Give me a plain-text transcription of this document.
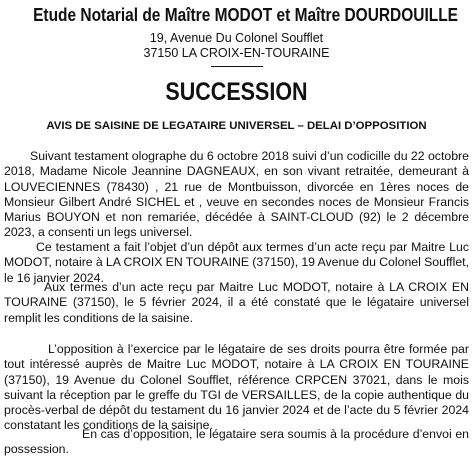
Etude Notarial de Maître MODOT et Maître DOURDOUILLE
19, Avenue Du Colonel Soufflet
37150 LA CROIX-EN-TOURAINE
SUCCESSION
AVIS DE SAISINE DE LEGATAIRE UNIVERSEL – DELAI D’OPPOSITION
Suivant testament olographe du 6 octobre 2018 suivi d’un codicille du 22 octobre 2018, Madame Nicole Jeannine DAGNEAUX, en son vivant retraitée, demeurant à LOUVECIENNES (78430) , 21 rue de Montbuisson, divorcée en 1ères noces de Monsieur Gilbert André SICHEL et , veuve en secondes noces de Monsieur Francis Marius BOUYON et non remariée, décédée à SAINT-CLOUD (92) le 2 décembre 2023, a consenti un legs universel.
Ce testament a fait l’objet d’un dépôt aux termes d’un acte reçu par Maitre Luc MODOT, notaire à LA CROIX EN TOURAINE (37150), 19 Avenue du Colonel Soufflet, le 16 janvier 2024.
Aux termes d’un acte reçu par Maitre Luc MODOT, notaire à LA CROIX EN TOURAINE (37150), le 5 février 2024, il a été constaté que le légataire universel remplit les conditions de la saisine.
L’opposition à l’exercice par le légataire de ses droits pourra être formée par tout intéressé auprès de Maitre Luc MODOT, notaire à LA CROIX EN TOURAINE (37150), 19 Avenue du Colonel Soufflet, référence CRPCEN 37021, dans le mois suivant la réception par le greffe du TGI de VERSAILLES, de la copie authentique du procès-verbal de dépôt du testament du 16 janvier 2024 et de l’acte du 5 février 2024 constatant les conditions de la saisine.
En cas d’opposition, le légataire sera soumis à la procédure d’envoi en possession.
